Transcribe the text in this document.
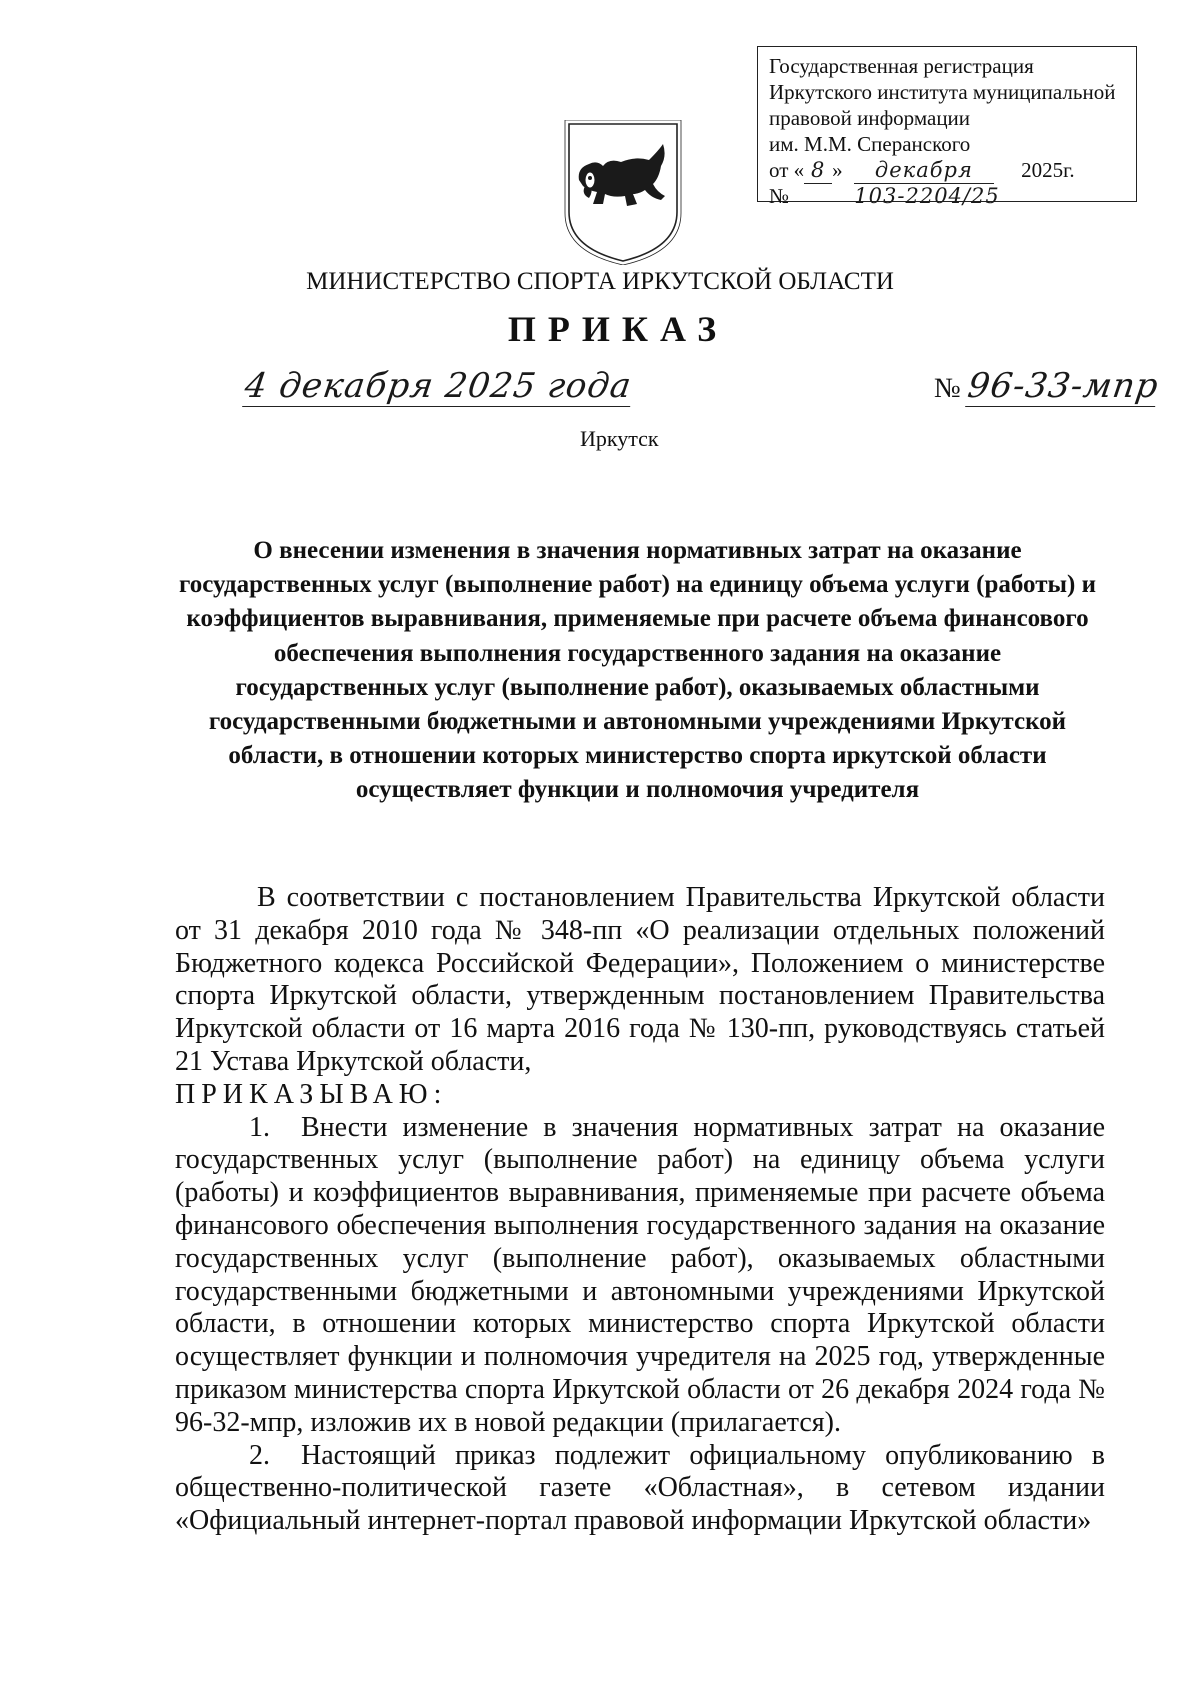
Государственная регистрация
Иркутского института муниципальной
правовой информации
им. М.М. Сперанского
от « 8 » декабря 2025г.
№	103-2204/25
МИНИСТЕРСТВО СПОРТА ИРКУТСКОЙ ОБЛАСТИ
ПРИКАЗ
4 декабря 2025 года	№ 96-33-мпр
Иркутск
О внесении изменения в значения нормативных затрат на оказание государственных услуг (выполнение работ) на единицу объема услуги (работы) и коэффициентов выравнивания, применяемые при расчете объема финансового обеспечения выполнения государственного задания на оказание государственных услуг (выполнение работ), оказываемых областными государственными бюджетными и автономными учреждениями Иркутской области, в отношении которых министерство спорта иркутской области осуществляет функции и полномочия учредителя

В соответствии с постановлением Правительства Иркутской области от 31 декабря 2010 года № 348-пп «О реализации отдельных положений Бюджетного кодекса Российской Федерации», Положением о министерстве спорта Иркутской области, утвержденным постановлением Правительства Иркутской области от 16 марта 2016 года № 130-пп, руководствуясь статьей 21 Устава Иркутской области,

ПРИКАЗЫВАЮ:

1. Внести изменение в значения нормативных затрат на оказание государственных услуг (выполнение работ) на единицу объема услуги (работы) и коэффициентов выравнивания, применяемые при расчете объема финансового обеспечения выполнения государственного задания на оказание государственных услуг (выполнение работ), оказываемых областными государственными бюджетными и автономными учреждениями Иркутской области, в отношении которых министерство спорта Иркутской области осуществляет функции и полномочия учредителя на 2025 год, утвержденные приказом министерства спорта Иркутской области от 26 декабря 2024 года № 96-32-мпр, изложив их в новой редакции (прилагается).

2. Настоящий приказ подлежит официальному опубликованию в общественно-политической газете «Областная», в сетевом издании «Официальный интернет-портал правовой информации Иркутской области»
